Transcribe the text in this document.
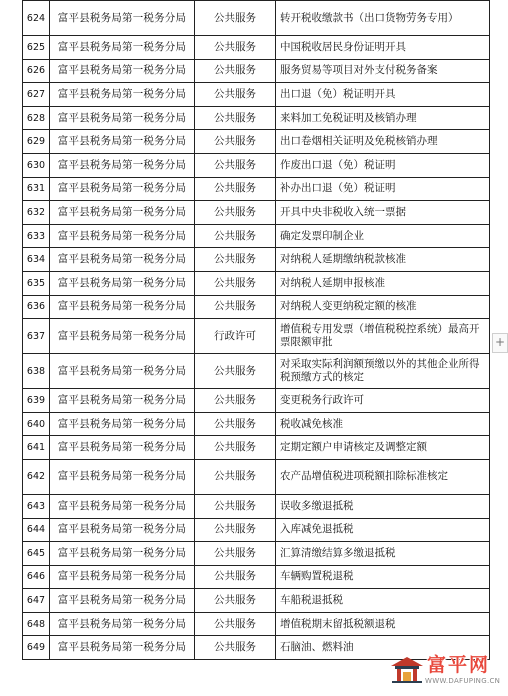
624	富平县税务局第一税务分局	公共服务	转开税收缴款书（出口货物劳务专用）
625	富平县税务局第一税务分局	公共服务	中国税收居民身份证明开具
626	富平县税务局第一税务分局	公共服务	服务贸易等项目对外支付税务备案
627	富平县税务局第一税务分局	公共服务	出口退（免）税证明开具
628	富平县税务局第一税务分局	公共服务	来料加工免税证明及核销办理
629	富平县税务局第一税务分局	公共服务	出口卷烟相关证明及免税核销办理
630	富平县税务局第一税务分局	公共服务	作废出口退（免）税证明
631	富平县税务局第一税务分局	公共服务	补办出口退（免）税证明
632	富平县税务局第一税务分局	公共服务	开具中央非税收入统一票据
633	富平县税务局第一税务分局	公共服务	确定发票印制企业
634	富平县税务局第一税务分局	公共服务	对纳税人延期缴纳税款核准
635	富平县税务局第一税务分局	公共服务	对纳税人延期申报核准
636	富平县税务局第一税务分局	公共服务	对纳税人变更纳税定额的核准
637	富平县税务局第一税务分局	行政许可	增值税专用发票（增值税税控系统）最高开票限额审批
638	富平县税务局第一税务分局	公共服务	对采取实际利润额预缴以外的其他企业所得税预缴方式的核定
639	富平县税务局第一税务分局	公共服务	变更税务行政许可
640	富平县税务局第一税务分局	公共服务	税收减免核准
641	富平县税务局第一税务分局	公共服务	定期定额户申请核定及调整定额
642	富平县税务局第一税务分局	公共服务	农产品增值税进项税额扣除标准核定
643	富平县税务局第一税务分局	公共服务	误收多缴退抵税
644	富平县税务局第一税务分局	公共服务	入库减免退抵税
645	富平县税务局第一税务分局	公共服务	汇算清缴结算多缴退抵税
646	富平县税务局第一税务分局	公共服务	车辆购置税退税
647	富平县税务局第一税务分局	公共服务	车船税退抵税
648	富平县税务局第一税务分局	公共服务	增值税期末留抵税额退税
649	富平县税务局第一税务分局	公共服务	石脑油、燃料油
+
富平网
WWW.DAFUPING.CN
